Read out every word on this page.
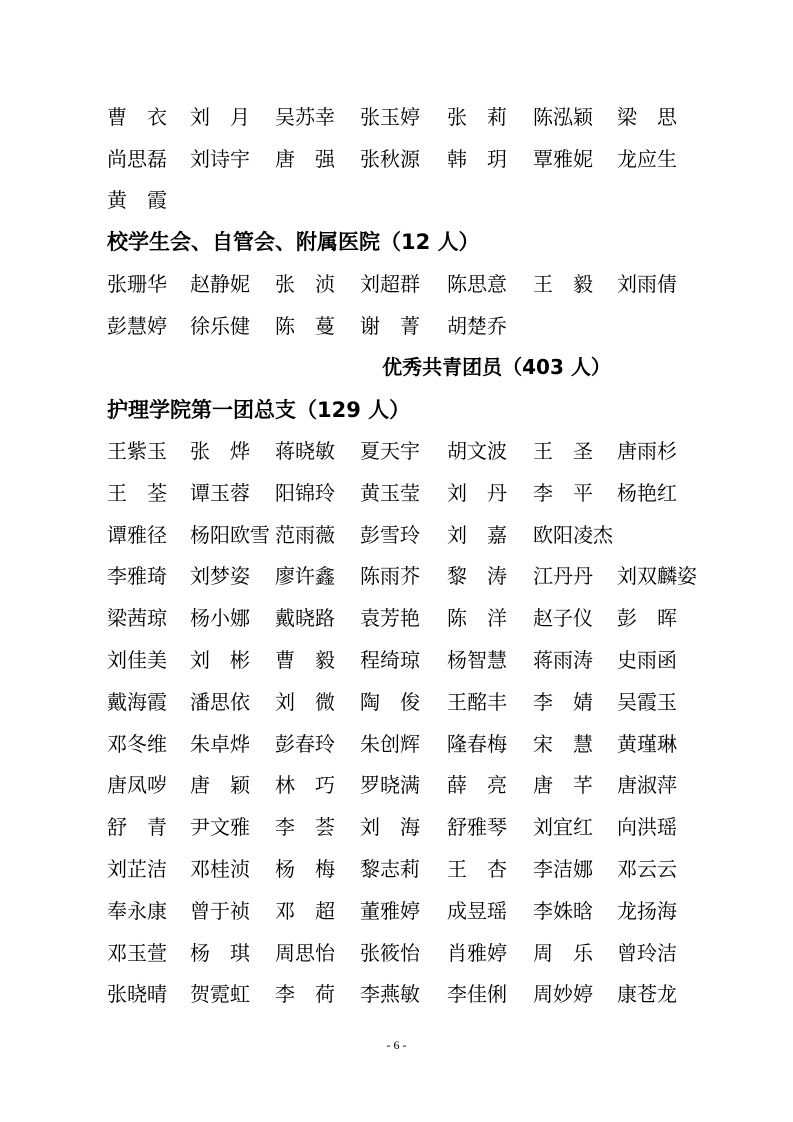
曹　衣 刘　月 吴苏幸 张玉婷 张　莉 陈泓颖 梁　思
尚思磊 刘诗宇 唐　强 张秋源 韩　玥 覃雅妮 龙应生
黄　霞
校学生会、自管会、附属医院（12 人）
张珊华 赵静妮 张　浈 刘超群 陈思意 王　毅 刘雨倩
彭慧婷 徐乐健 陈　蔓 谢　菁 胡楚乔
优秀共青团员（403 人）
护理学院第一团总支（129 人）
王紫玉 张　烨 蒋晓敏 夏天宇 胡文波 王　圣 唐雨杉
王　荃 谭玉蓉 阳锦玲 黄玉莹 刘　丹 李　平 杨艳红
谭雅径 杨阳欧雪 范雨薇 彭雪玲 刘　嘉 欧阳凌杰
李雅琦 刘梦姿 廖许鑫 陈雨芥 黎　涛 江丹丹 刘双麟姿
梁茜琼 杨小娜 戴晓路 袁芳艳 陈　洋 赵子仪 彭　晖
刘佳美 刘　彬 曹　毅 程绮琼 杨智慧 蒋雨涛 史雨函
戴海霞 潘思依 刘　微 陶　俊 王酩丰 李　婧 吴霞玉
邓冬维 朱卓烨 彭春玲 朱创辉 隆春梅 宋　慧 黄瑾琳
唐凤哕 唐　颖 林　巧 罗晓满 薛　亮 唐　芊 唐淑萍
舒　青 尹文雅 李　荟 刘　海 舒雅琴 刘宜红 向洪瑶
刘芷洁 邓桂浈 杨　梅 黎志莉 王　杏 李洁娜 邓云云
奉永康 曾于祯 邓　超 董雅婷 成昱瑶 李姝晗 龙扬海
邓玉萱 杨　琪 周思怡 张筱怡 肖雅婷 周　乐 曾玲洁
张晓晴 贺霓虹 李　荷 李燕敏 李佳俐 周妙婷 康苍龙
- 6 -
